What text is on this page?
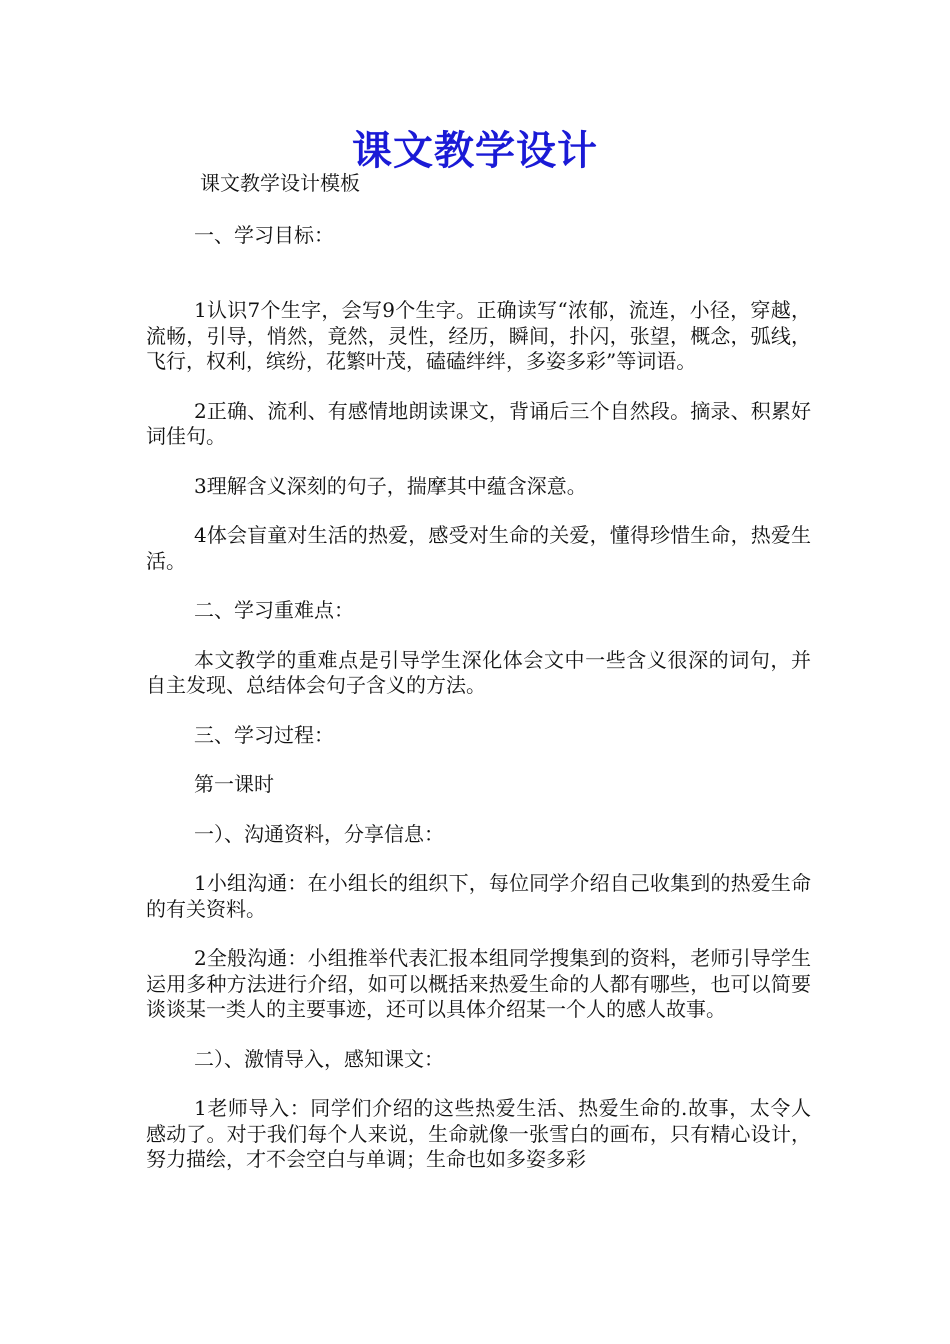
课文教学设计

课文教学设计模板

一、学习目标：

1认识7个生字，会写9个生字。正确读写“浓郁，流连，小径，穿越，流畅，引导，悄然，竟然，灵性，经历，瞬间，扑闪，张望，概念，弧线，飞行，权利，缤纷，花繁叶茂，磕磕绊绊，多姿多彩”等词语。

2正确、流利、有感情地朗读课文，背诵后三个自然段。摘录、积累好词佳句。

3理解含义深刻的句子，揣摩其中蕴含深意。

4体会盲童对生活的热爱，感受对生命的关爱，懂得珍惜生命，热爱生活。

二、学习重难点：

本文教学的重难点是引导学生深化体会文中一些含义很深的词句，并自主发现、总结体会句子含义的方法。

三、学习过程：

第一课时

一）、沟通资料，分享信息：

1小组沟通：在小组长的组织下，每位同学介绍自己收集到的热爱生命的有关资料。

2全般沟通：小组推举代表汇报本组同学搜集到的资料，老师引导学生运用多种方法进行介绍，如可以概括来热爱生命的人都有哪些，也可以简要谈谈某一类人的主要事迹，还可以具体介绍某一个人的感人故事。

二）、激情导入，感知课文：

1老师导入：同学们介绍的这些热爱生活、热爱生命的.故事，太令人感动了。对于我们每个人来说，生命就像一张雪白的画布，只有精心设计，努力描绘，才不会空白与单调；生命也如多姿多彩
